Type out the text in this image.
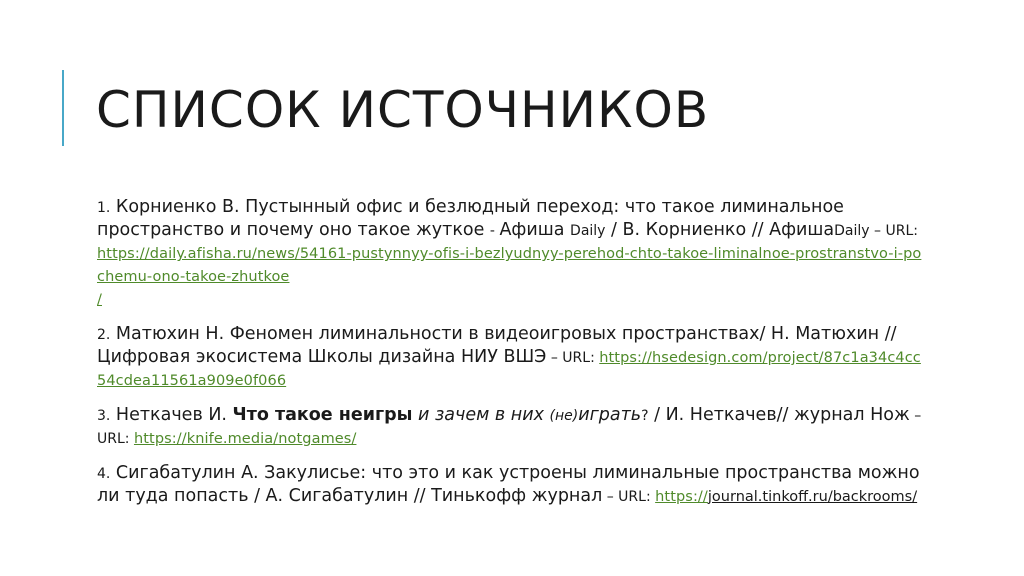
СПИСОК ИСТОЧНИКОВ
1. Корниенко В. Пустынный офис и безлюдный переход: что такое лиминальное пространство и почему оно такое жуткое - Афиша Daily / В. Корниенко // АфишаDaily – URL:
https://daily.afisha.ru/news/54161-pustynnyy-ofis-i-bezlyudnyy-perehod-chto-takoe-liminalnoe-prostranstvo-i-pochemu-ono-takoe-zhutkoe
/
2. Матюхин Н. Феномен лиминальности в видеоигровых пространствах/ Н. Матюхин // Цифровая экосистема Школы дизайна НИУ ВШЭ – URL: https://hsedesign.com/project/87c1a34c4cc54cdea11561a909e0f066
3. Неткачев И. Что такое неигры и зачем в них (не)играть? / И. Неткачев// журнал Нож – URL: https://knife.media/notgames/
4. Сигабатулин А. Закулисье: что это и как устроены лиминальные пространства можно ли туда попасть / А. Сигабатулин // Тинькофф журнал – URL: https://journal.tinkoff.ru/backrooms/
